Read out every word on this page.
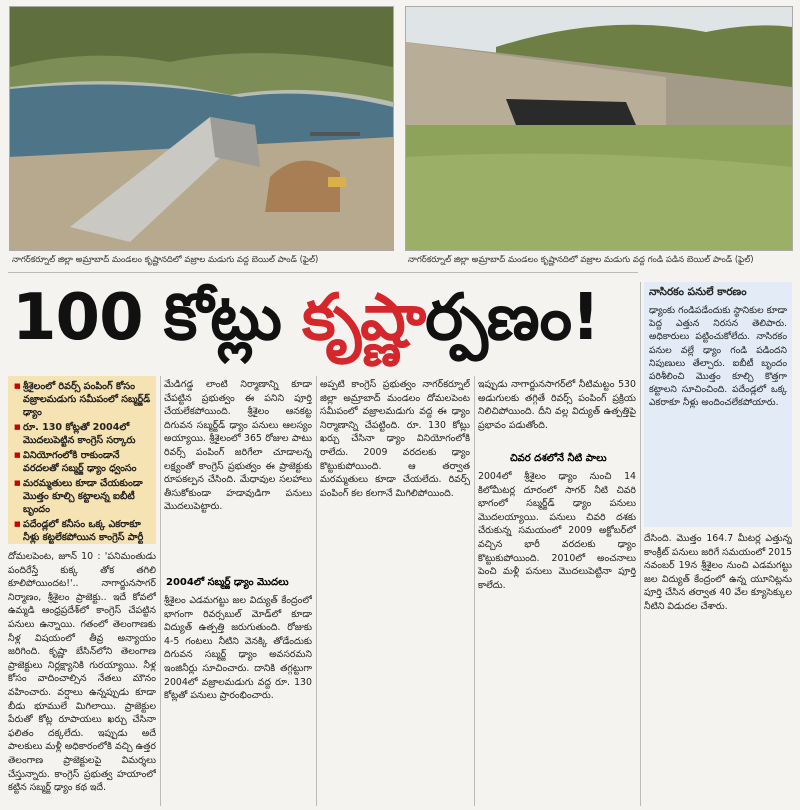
నాగర్‌కర్నూల్ జిల్లా అమ్రాబాద్ మండలం కృష్ణానదిలో వజ్రాల మడుగు వద్ద బెయిల్ పాండ్ (ఫైల్)	నాగర్‌కర్నూల్ జిల్లా అమ్రాబాద్ మండలం కృష్ణానదిలో వజ్రాల మడుగు వద్ద గండి పడిన బెయిల్ పాండ్ (ఫైల్)
100 కోట్లు కృష్ణార్పణం!
■ శ్రీశైలంలో రివర్స్ పంపింగ్ కోసం వజ్రాలమడుగు సమీపంలో సబ్మర్జ్‌డ్ ఢ్యాం
■ రూ. 130 కోట్లతో 2004లో మొదలుపెట్టిన కాంగ్రెస్ సర్కారు
■ వినియోగంలోకి రాకుండానే వరదలతో సబ్మర్జ్ ఢ్యాం ధ్వంసం
■ మరమ్మతులు కూడా చేయకుండా మొత్తం కూల్చి కట్టాలన్న ఐబీటీ బృందం
■ పదేండ్లలో కనీసం ఒక్క ఎకరాకూ నీళ్లు కట్టలేకపోయిన కాంగ్రెస్ పార్టీ
దోమలపెంట, జూన్ 10 : 'పనిమంతుడు పందిరేస్తే కుక్క తోక తగిలి కూలిపోయిందట!'.. నాగార్జునసాగర్ నిర్మాణం, శ్రీశైలం ప్రాజెక్టు.. ఇదే కోవలో ఉమ్మడి ఆంధ్రప్రదేశ్‌లో కాంగ్రెస్ చేపట్టిన పనులు ఉన్నాయి. గతంలో తెలంగాణకు నీళ్ల విషయంలో తీవ్ర అన్యాయం జరిగింది. కృష్ణా బేసిన్‌లోని తెలంగాణ ప్రాజెక్టులు నిర్లక్ష్యానికి గురయ్యాయి. నీళ్ల కోసం వాదించాల్సిన నేతలు మౌనం వహించారు. వర్షాలు ఉన్నప్పుడు కూడా బీడు భూములే మిగిలాయి. ప్రాజెక్టుల పేరుతో కోట్ల రూపాయలు ఖర్చు చేసినా ఫలితం దక్కలేదు. ఇప్పుడు అదే పాలకులు మళ్లీ అధికారంలోకి వచ్చి ఉత్తర తెలంగాణ ప్రాజెక్టులపై విమర్శలు చేస్తున్నారు. కాంగ్రెస్ ప్రభుత్వ హయాంలో కట్టిన సబ్మర్జ్ ఢ్యాం కథ ఇదే.
మేడిగడ్డ లాంటి నిర్మాణాన్ని కూడా చేపట్టిన ప్రభుత్వం ఈ పనిని పూర్తి చేయలేకపోయింది. శ్రీశైలం ఆనకట్ట దిగువన సబ్మర్జ్‌డ్ ఢ్యాం పనులు ఆలస్యం అయ్యాయి. శ్రీశైలంలో 365 రోజుల పాటు రివర్స్ పంపింగ్ జరిగేలా చూడాలన్న లక్ష్యంతో కాంగ్రెస్ ప్రభుత్వం ఈ ప్రాజెక్టుకు రూపకల్పన చేసింది. మేధావుల సలహాలు తీసుకోకుండా హడావుడిగా పనులు మొదలుపెట్టారు.
2004లో సబ్మర్జ్ ఢ్యాం మొదలు
శ్రీశైలం ఎడమగట్టు జల విద్యుత్ కేంద్రంలో భాగంగా రివర్సబుల్ మోడ్‌లో కూడా విద్యుత్ ఉత్పత్తి జరుగుతుంది. రోజుకు 4-5 గంటలు నీటిని వెనక్కి తోడేందుకు దిగువన సబ్మర్జ్ ఢ్యాం అవసరమని ఇంజినీర్లు సూచించారు. దానికి తగ్గట్టుగా 2004లో వజ్రాలమడుగు వద్ద రూ. 130 కోట్లతో పనులు ప్రారంభించారు.
అప్పటి కాంగ్రెస్ ప్రభుత్వం నాగర్‌కర్నూల్ జిల్లా అమ్రాబాద్ మండలం దోమలపెంట సమీపంలో వజ్రాలమడుగు వద్ద ఈ ఢ్యాం నిర్మాణాన్ని చేపట్టింది. రూ. 130 కోట్లు ఖర్చు చేసినా ఢ్యాం వినియోగంలోకి రాలేదు. 2009 వరదలకు ఢ్యాం కొట్టుకుపోయింది. ఆ తర్వాత మరమ్మతులు కూడా చేయలేదు. రివర్స్ పంపింగ్ కల కలగానే మిగిలిపోయింది.
ఇప్పుడు నాగార్జునసాగర్‌లో నీటిమట్టం 530 అడుగులకు తగ్గితే రివర్స్ పంపింగ్ ప్రక్రియ నిలిచిపోయింది. దీని వల్ల విద్యుత్ ఉత్పత్తిపై ప్రభావం పడుతోంది.
చివర దశలోనే నీటి పాలు
2004లో శ్రీశైలం ఢ్యాం నుంచి 14 కిలోమీటర్ల దూరంలో సాగర్ నీటి చివరి భాగంలో సబ్మర్జ్‌డ్ ఢ్యాం పనులు మొదలయ్యాయి. పనులు చివరి దశకు చేరుకున్న సమయంలో 2009 అక్టోబర్‌లో వచ్చిన భారీ వరదలకు ఢ్యాం కొట్టుకుపోయింది. 2010లో అంచనాలు పెంచి మళ్లీ పనులు మొదలుపెట్టినా పూర్తి కాలేదు.
నాసిరకం పనులే కారణం
ఢ్యాంకు గండిపడేందుకు స్థానికుల కూడా పెద్ద ఎత్తున నిరసన తెలిపారు. అధికారులు పట్టించుకోలేదు. నాసిరకం పనుల వల్లే ఢ్యాం గండి పడిందని నిపుణులు తేల్చారు. ఐబీటీ బృందం పరిశీలించి మొత్తం కూల్చి కొత్తగా కట్టాలని సూచించింది. పదేండ్లలో ఒక్క ఎకరాకూ నీళ్లు అందించలేకపోయారు.
దేసింది. మొత్తం 164.7 మీటర్ల ఎత్తున్న కాంక్రీట్ పనులు జరిగే సమయంలో 2015 నవంబర్ 19న శ్రీశైలం నుంచి ఎడమగట్టు జల విద్యుత్ కేంద్రంలో ఉన్న యూనిట్లను పూర్తి చేసిన తర్వాత 40 వేల క్యూసెక్కుల నీటిని విడుదల చేశారు.
